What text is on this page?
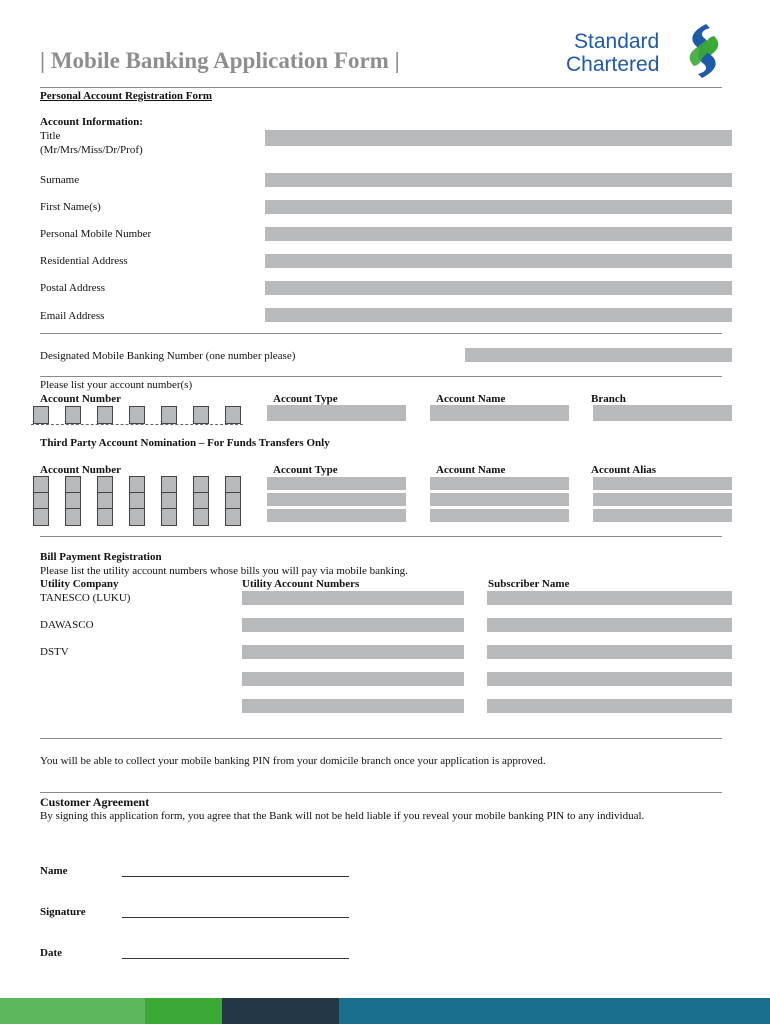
| Mobile Banking Application Form |
Standard
Chartered
Personal Account Registration Form
Account Information:
Title
(Mr/Mrs/Miss/Dr/Prof)
Surname
First Name(s)
Personal Mobile Number
Residential Address
Postal Address
Email Address
Designated Mobile Banking Number (one number please)
Please list your account number(s)
Account Number	Account Type	Account Name	Branch
Third Party Account Nomination – For Funds Transfers Only
Account Number	Account Type	Account Name	Account Alias
Bill Payment Registration
Please list the utility account numbers whose bills you will pay via mobile banking.
Utility Company	Utility Account Numbers	Subscriber Name
TANESCO (LUKU)
DAWASCO
DSTV
You will be able to collect your mobile banking PIN from your domicile branch once your application is approved.
Customer Agreement
By signing this application form, you agree that the Bank will not be held liable if you reveal your mobile banking PIN to any individual.
Name
Signature
Date
